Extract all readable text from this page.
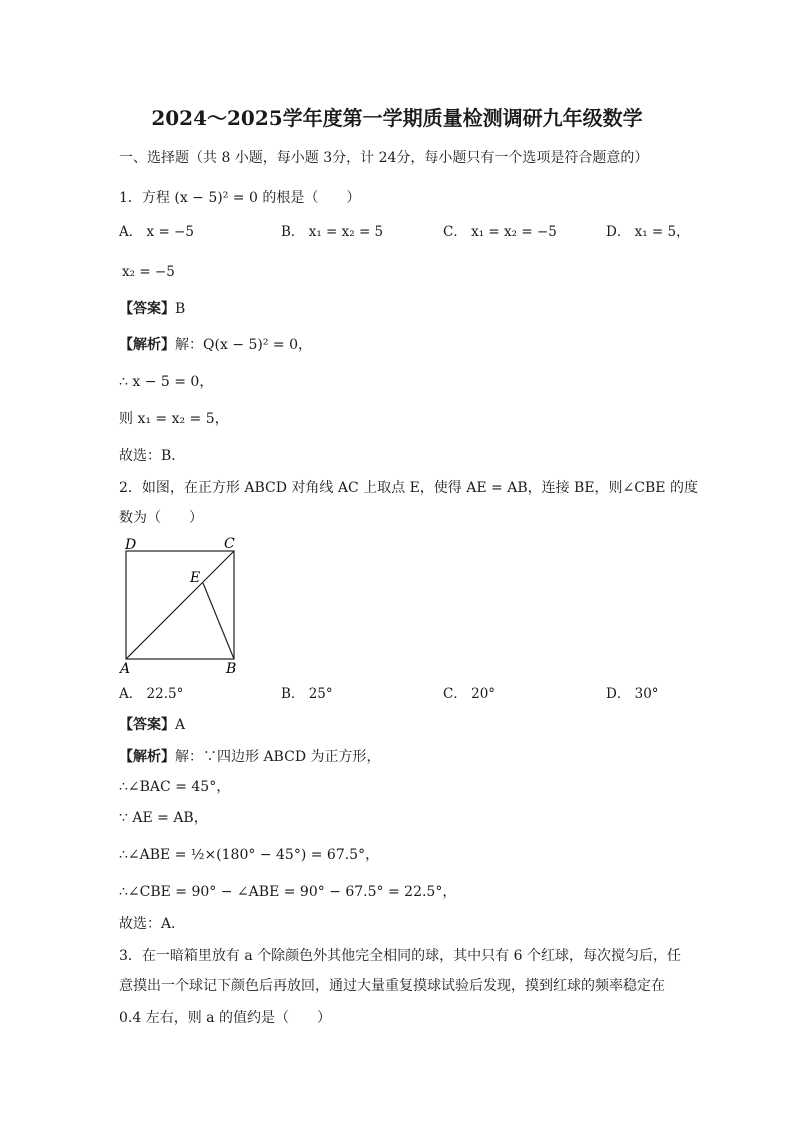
2024～2025学年度第一学期质量检测调研九年级数学
一、选择题（共 8 小题，每小题 3分，计 24分，每小题只有一个选项是符合题意的）
1．方程 (x − 5)² = 0 的根是（　　）
A． x = −5	B． x₁ = x₂ = 5	C． x₁ = x₂ = −5	D． x₁ = 5，
x₂ = −5
【答案】B
【解析】解：Q(x − 5)² = 0，
∴ x − 5 = 0，
则 x₁ = x₂ = 5，
故选：B．
2．如图，在正方形 ABCD 对角线 AC 上取点 E，使得 AE = AB，连接 BE，则∠CBE 的度
数为（　　）
D	C
E
A	B
A． 22.5°	B． 25°	C． 20°	D． 30°
【答案】A
【解析】解：∵四边形 ABCD 为正方形，
∴∠BAC = 45°，
∵ AE = AB，
∴∠ABE = ½×(180° − 45°) = 67.5°，
∴∠CBE = 90° − ∠ABE = 90° − 67.5° = 22.5°，
故选：A．
3．在一暗箱里放有 a 个除颜色外其他完全相同的球，其中只有 6 个红球，每次搅匀后，任
意摸出一个球记下颜色后再放回，通过大量重复摸球试验后发现，摸到红球的频率稳定在
0.4 左右，则 a 的值约是（　　）
